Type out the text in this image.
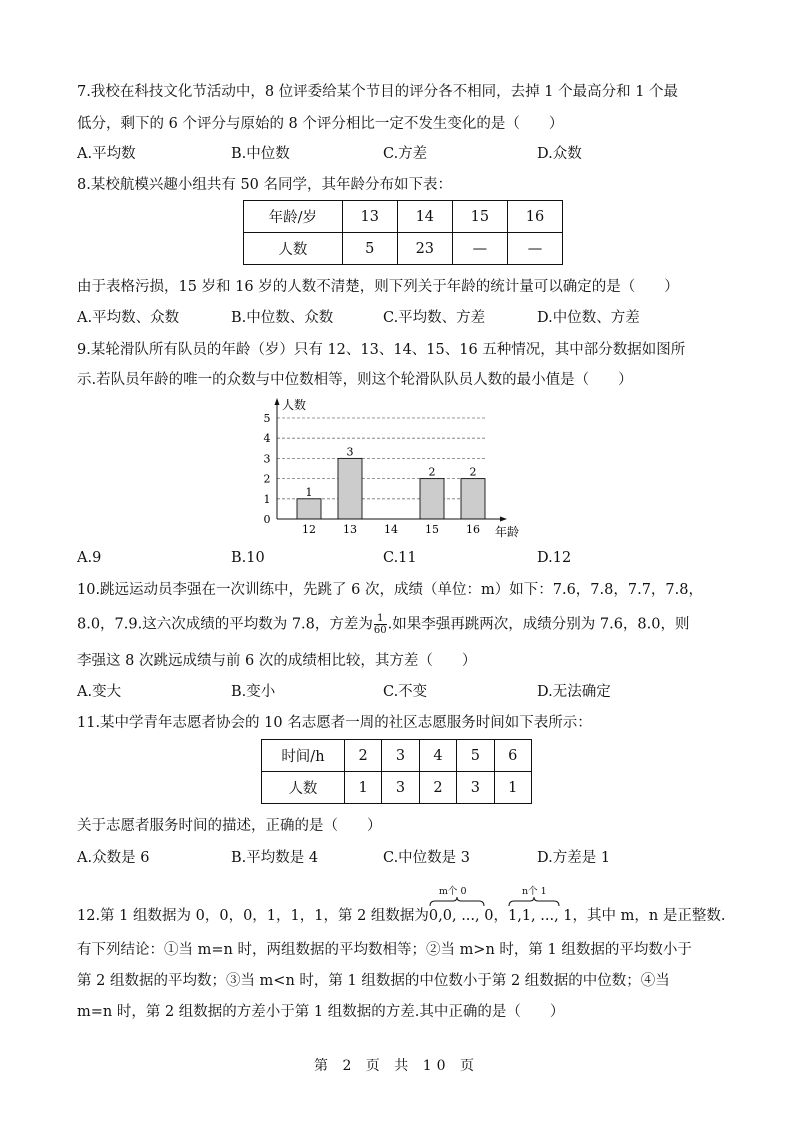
7.我校在科技文化节活动中，8 位评委给某个节目的评分各不相同，去掉 1 个最高分和 1 个最
低分，剩下的 6 个评分与原始的 8 个评分相比一定不发生变化的是（　　）
A.平均数	B.中位数	C.方差	D.众数
8.某校航模兴趣小组共有 50 名同学，其年龄分布如下表：
年龄/岁	13	14	15	16
人数	5	23	—	—
由于表格污损，15 岁和 16 岁的人数不清楚，则下列关于年龄的统计量可以确定的是（　　）
A.平均数、众数	B.中位数、众数	C.平均数、方差	D.中位数、方差
9.某轮滑队所有队员的年龄（岁）只有 12、13、14、15、16 五种情况，其中部分数据如图所
示.若队员年龄的唯一的众数与中位数相等，则这个轮滑队队员人数的最小值是（　　）
0
1
2
3
4
5
1
12
3
13 14
2
15
2
16
人数
年龄
A.9	B.10	C.11	D.12
10.跳远运动员李强在一次训练中，先跳了 6 次，成绩（单位：m）如下：7.6，7.8，7.7，7.8，
8.0，7.9.这六次成绩的平均数为 7.8，方差为 $\frac{1}{60}$ .如果李强再跳两次，成绩分别为 7.6，8.0，则
李强这 8 次跳远成绩与前 6 次的成绩相比较，其方差（　　）
A.变大	B.变小	C.不变	D.无法确定
11.某中学青年志愿者协会的 10 名志愿者一周的社区志愿服务时间如下表所示：
时间/h	2	3	4	5	6
人数	1	3	2	3	1
关于志愿者服务时间的描述，正确的是（　　）
A.众数是 6	B.平均数是 4	C.中位数是 3	D.方差是 1
12.第 1 组数据为 0，0，0，1，1，1，第 2 组数据为
m个 0
0,0, ..., 0，
n个 1
1,1, ..., 1，其中 m，n 是正整数.
有下列结论：①当 m=n 时，两组数据的平均数相等；②当 m>n 时，第 1 组数据的平均数小于
第 2 组数据的平均数；③当 m<n 时，第 1 组数据的中位数小于第 2 组数据的中位数；④当
m=n 时，第 2 组数据的方差小于第 1 组数据的方差.其中正确的是（　　）
第 2 页 共 10 页
